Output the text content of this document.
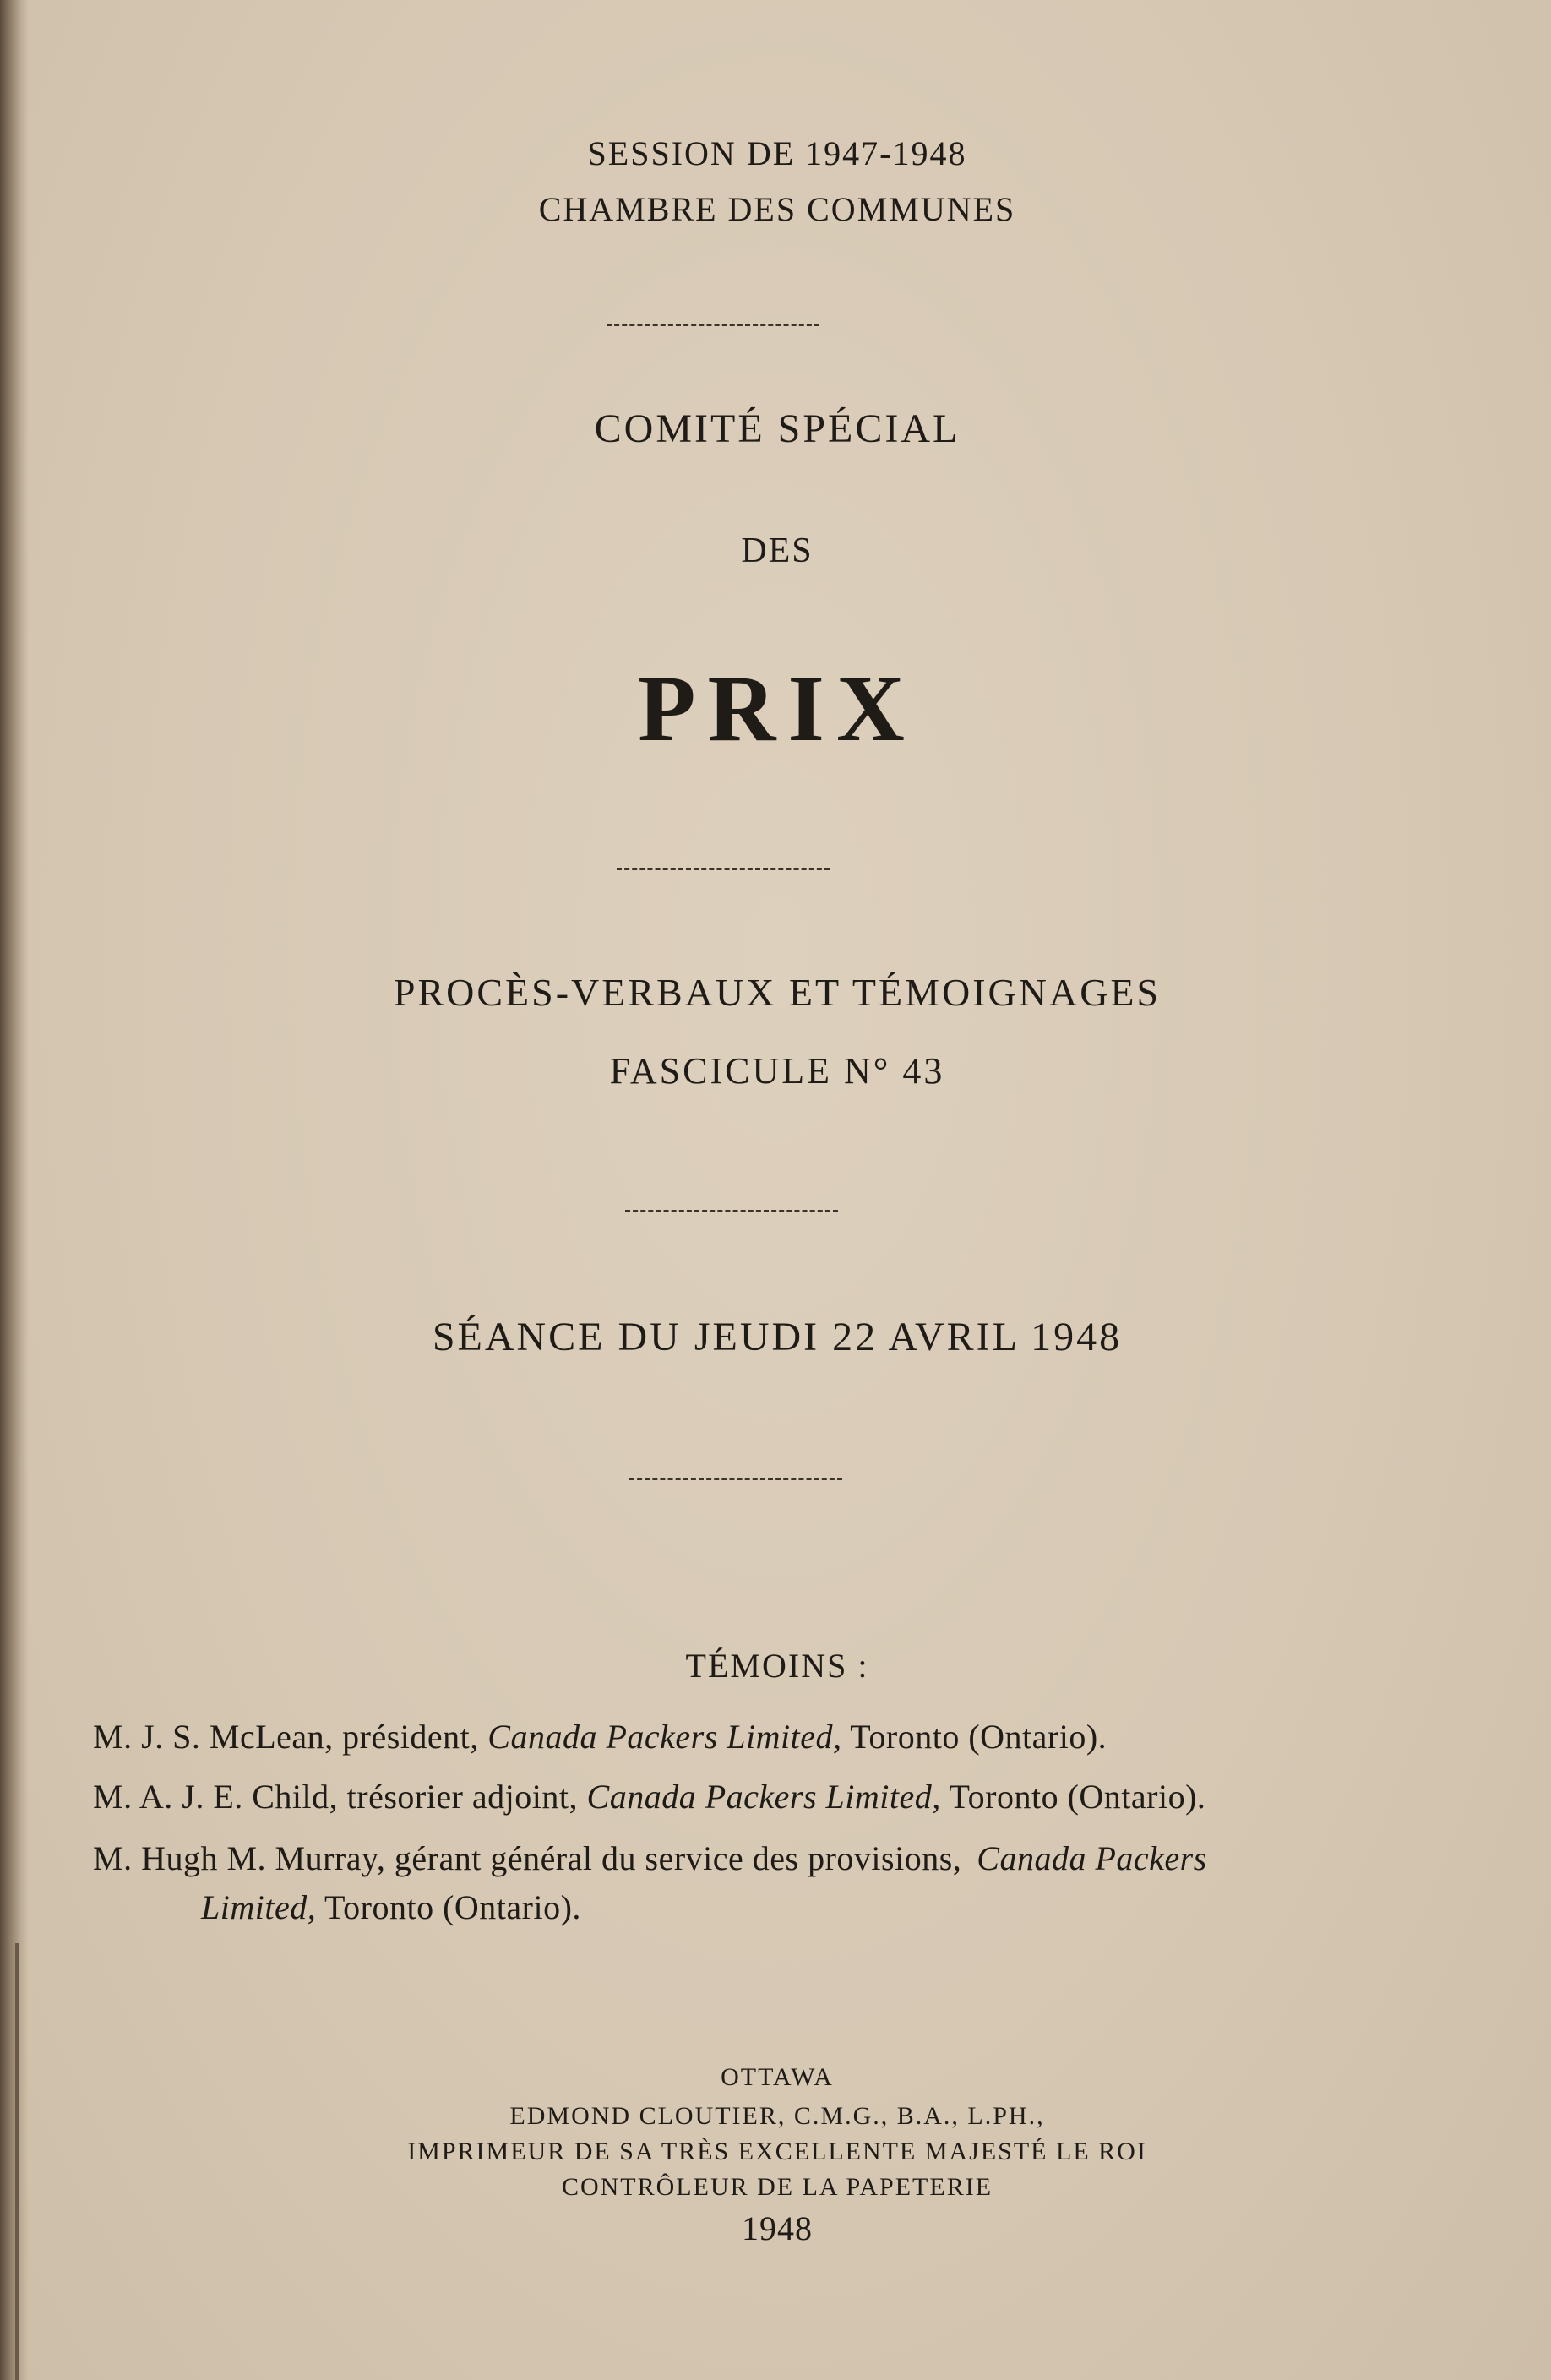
SESSION DE 1947-1948
CHAMBRE DES COMMUNES
COMITÉ SPÉCIAL
DES
PRIX
PROCÈS-VERBAUX ET TÉMOIGNAGES
FASCICULE N° 43
SÉANCE DU JEUDI 22 AVRIL 1948
TÉMOINS :
M. J. S. McLean, président, Canada Packers Limited, Toronto (Ontario).
M. A. J. E. Child, trésorier adjoint, Canada Packers Limited, Toronto (Ontario).
M. Hugh M. Murray, gérant général du service des provisions, Canada Packers
Limited, Toronto (Ontario).
OTTAWA
EDMOND CLOUTIER, C.M.G., B.A., L.PH.,
IMPRIMEUR DE SA TRÈS EXCELLENTE MAJESTÉ LE ROI
CONTRÔLEUR DE LA PAPETERIE
1948
